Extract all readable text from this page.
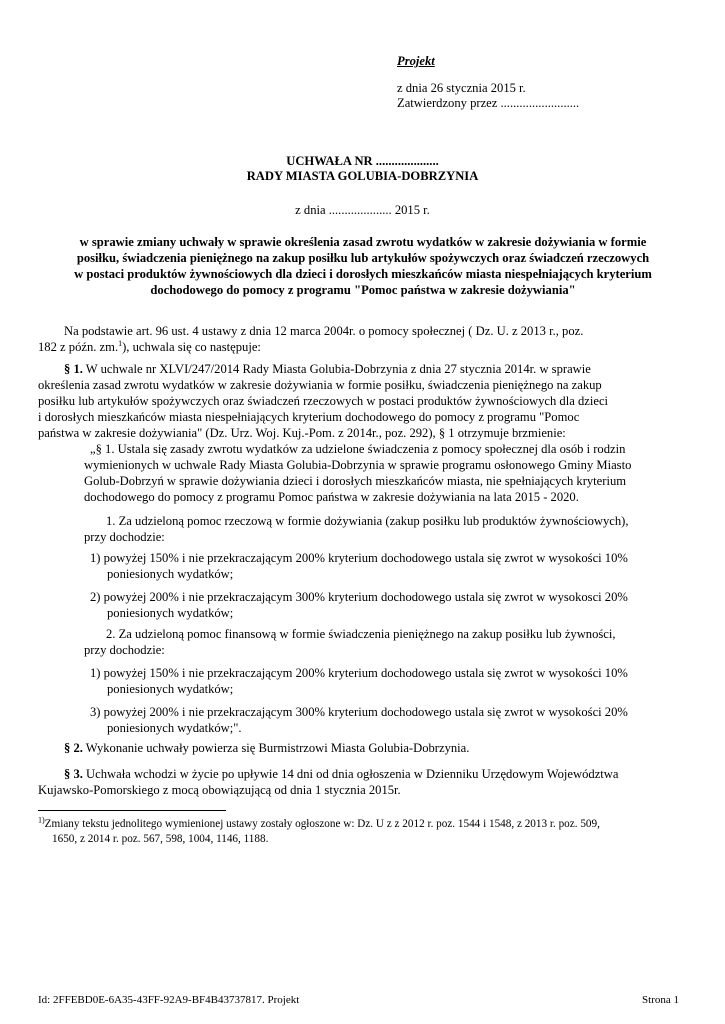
Projekt
z dnia 26 stycznia 2015 r.
Zatwierdzony przez .........................
UCHWAŁA NR ....................
RADY MIASTA GOLUBIA-DOBRZYNIA
z dnia .................... 2015 r.
w sprawie zmiany uchwały w sprawie określenia zasad zwrotu wydatków w zakresie dożywiania w formie
posiłku, świadczenia pieniężnego na zakup posiłku lub artykułów spożywczych oraz świadczeń rzeczowych
w postaci produktów żywnościowych dla dzieci i dorosłych mieszkańców miasta niespełniających kryterium
dochodowego do pomocy z programu "Pomoc państwa w zakresie dożywiania"
Na podstawie art. 96 ust. 4 ustawy z dnia 12 marca 2004r. o pomocy społecznej ( Dz. U. z 2013 r., poz.
182 z późn. zm.$^1$), uchwala się co następuje:
§ 1. W uchwale nr XLVI/247/2014 Rady Miasta Golubia-Dobrzynia z dnia 27 stycznia 2014r. w sprawie
określenia zasad zwrotu wydatków w zakresie dożywiania w formie posiłku, świadczenia pieniężnego na zakup
posiłku lub artykułów spożywczych oraz świadczeń rzeczowych w postaci produktów żywnościowych dla dzieci
i dorosłych mieszkańców miasta niespełniających kryterium dochodowego do pomocy z programu "Pomoc
państwa w zakresie dożywiania" (Dz. Urz. Woj. Kuj.-Pom. z 2014r., poz. 292), § 1 otrzymuje brzmienie:
„§ 1. Ustala się zasady zwrotu wydatków za udzielone świadczenia z pomocy społecznej dla osób i rodzin
wymienionych w uchwale Rady Miasta Golubia-Dobrzynia w sprawie programu osłonowego Gminy Miasto
Golub-Dobrzyń w sprawie dożywiania dzieci i dorosłych mieszkańców miasta, nie spełniających kryterium
dochodowego do pomocy z programu Pomoc państwa w zakresie dożywiania na lata 2015 - 2020.
1. Za udzieloną pomoc rzeczową w formie dożywiania (zakup posiłku lub produktów żywnościowych),
przy dochodzie:
1) powyżej 150% i nie przekraczającym 200% kryterium dochodowego ustala się zwrot w wysokości 10%
poniesionych wydatków;
2) powyżej 200% i nie przekraczającym 300% kryterium dochodowego ustala się zwrot w wysokosci 20%
poniesionych wydatków;
2. Za udzieloną pomoc finansową w formie świadczenia pieniężnego na zakup posiłku lub żywności,
przy dochodzie:
1) powyżej 150% i nie przekraczającym 200% kryterium dochodowego ustala się zwrot w wysokości 10%
poniesionych wydatków;
3) powyżej 200% i nie przekraczającym 300% kryterium dochodowego ustala się zwrot w wysokości 20%
poniesionych wydatków;".
§ 2. Wykonanie uchwały powierza się Burmistrzowi Miasta Golubia-Dobrzynia.
§ 3. Uchwała wchodzi w życie po upływie 14 dni od dnia ogłoszenia w Dzienniku Urzędowym Województwa
Kujawsko-Pomorskiego z mocą obowiązującą od dnia 1 stycznia 2015r.
$^{1)}$Zmiany tekstu jednolitego wymienionej ustawy zostały ogłoszone w: Dz. U z z 2012 r. poz. 1544 i 1548, z 2013 r. poz. 509,
1650, z 2014 r. poz. 567, 598, 1004, 1146, 1188.
Id: 2FFEBD0E-6A35-43FF-92A9-BF4B43737817. Projekt	Strona 1
